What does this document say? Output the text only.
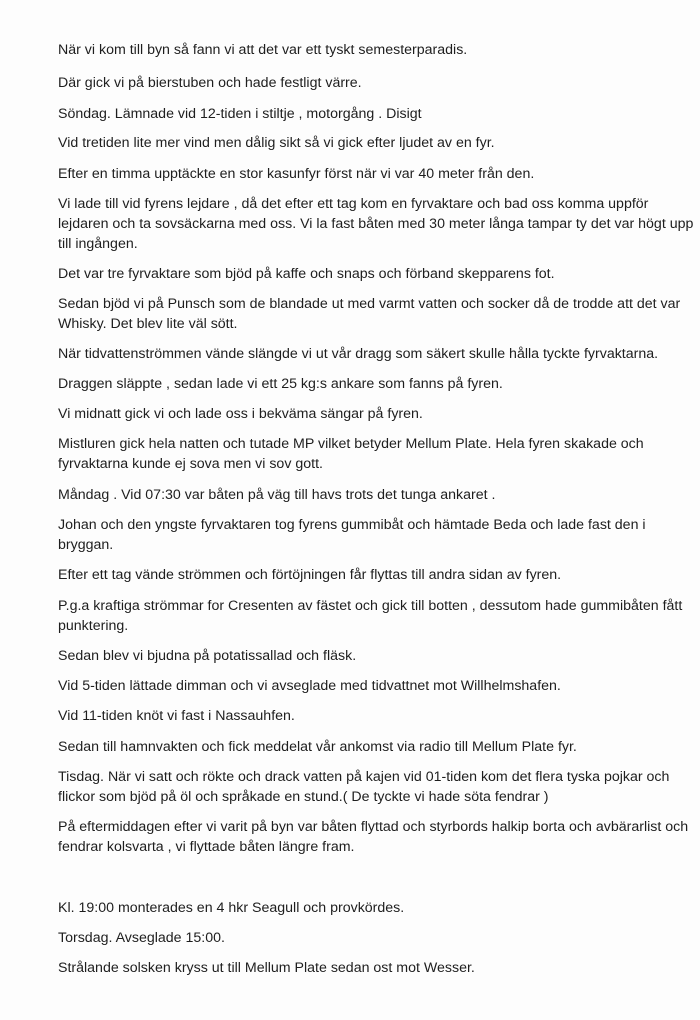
När vi kom till byn så fann vi att det var ett tyskt semesterparadis.

Där gick vi på bierstuben och hade festligt värre.

Söndag. Lämnade vid 12-tiden i stiltje , motorgång . Disigt

Vid tretiden lite mer vind men dålig sikt så vi gick efter ljudet av en fyr.

Efter en timma upptäckte en stor kasunfyr först när vi var 40 meter från den.

Vi lade till vid fyrens lejdare , då det efter ett tag kom en fyrvaktare och bad oss komma uppför
lejdaren och ta sovsäckarna med oss. Vi la fast båten med 30 meter långa tampar ty det var högt upp
till ingången.

Det var tre fyrvaktare som bjöd på kaffe och snaps och förband skepparens fot.

Sedan bjöd vi på Punsch som de blandade ut med varmt vatten och socker då de trodde att det var
Whisky. Det blev lite väl sött.

När tidvattenströmmen vände slängde vi ut vår dragg som säkert skulle hålla tyckte fyrvaktarna.

Draggen släppte , sedan lade vi ett 25 kg:s ankare som fanns på fyren.

Vi midnatt gick vi och lade oss i bekväma sängar på fyren.

Mistluren gick hela natten och tutade MP vilket betyder Mellum Plate. Hela fyren skakade och
fyrvaktarna kunde ej sova men vi sov gott.

Måndag . Vid 07:30 var båten på väg till havs trots det tunga ankaret .

Johan och den yngste fyrvaktaren tog fyrens gummibåt och hämtade Beda och lade fast den i
bryggan.

Efter ett tag vände strömmen och förtöjningen får flyttas till andra sidan av fyren.

P.g.a kraftiga strömmar for Cresenten av fästet och gick till botten , dessutom hade gummibåten fått
punktering.

Sedan blev vi bjudna på potatissallad och fläsk.

Vid 5-tiden lättade dimman och vi avseglade med tidvattnet mot Willhelmshafen.

Vid 11-tiden knöt vi fast i Nassauhfen.

Sedan till hamnvakten och fick meddelat vår ankomst via radio till Mellum Plate fyr.

Tisdag. När vi satt och rökte och drack vatten på kajen vid 01-tiden kom det flera tyska pojkar och
flickor som bjöd på öl och språkade en stund.( De tyckte vi hade söta fendrar )

På eftermiddagen efter vi varit på byn var båten flyttad och styrbords halkip borta och avbärarlist och
fendrar kolsvarta , vi flyttade båten längre fram.

Kl. 19:00 monterades en 4 hkr Seagull och provkördes.

Torsdag. Avseglade 15:00.

Strålande solsken kryss ut till Mellum Plate sedan ost mot Wesser.
